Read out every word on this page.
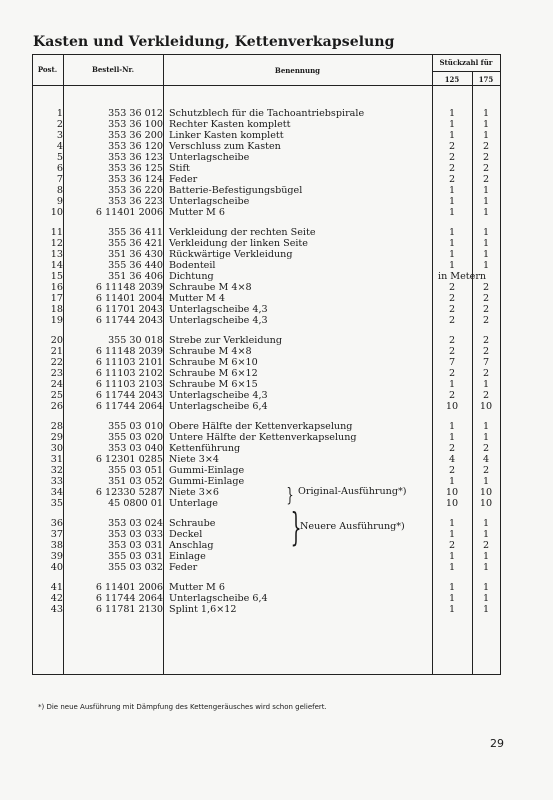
Kasten und Verkleidung, Kettenverkapselung
Post.	Bestell-Nr.	Benennung
Stückzahl für
125	175
1	353 36 012 Schutzblech für die Tachoantriebspirale	1	1
2	353 36 100 Rechter Kasten komplett	1	1
3	353 36 200 Linker Kasten komplett	1	1
4	353 36 120 Verschluss zum Kasten	2	2
5	353 36 123 Unterlagscheibe	2	2
6	353 36 125 Stift	2	2
7	353 36 124 Feder	2	2
8	353 36 220 Batterie-Befestigungsbügel	1	1
9	353 36 223 Unterlagscheibe	1	1
10	6 11401 2006 Mutter M 6	1	1
11	355 36 411 Verkleidung der rechten Seite	1	1
12	355 36 421 Verkleidung der linken Seite	1	1
13	351 36 430 Rückwärtige Verkleidung	1	1
14	355 36 440 Bodenteil	1	1
15	351 36 406 Dichtung	in Metern
16	6 11148 2039 Schraube M 4×8	2	2
17	6 11401 2004 Mutter M 4	2	2
18	6 11701 2043 Unterlagscheibe 4,3	2	2
19	6 11744 2043 Unterlagscheibe 4,3	2	2
20	355 30 018 Strebe zur Verkleidung	2	2
21	6 11148 2039 Schraube M 4×8	2	2
22	6 11103 2101 Schraube M 6×10	7	7
23	6 11103 2102 Schraube M 6×12	2	2
24	6 11103 2103 Schraube M 6×15	1	1
25	6 11744 2043 Unterlagscheibe 4,3	2	2
26	6 11744 2064 Unterlagscheibe 6,4	10	10
28	355 03 010 Obere Hälfte der Kettenverkapselung	1	1
29	355 03 020 Untere Hälfte der Kettenverkapselung	1	1
30	353 03 040 Kettenführung	2	2
31	6 12301 0285 Niete 3×4	4	4
32	355 03 051 Gummi-Einlage	2	2
33	351 03 052 Gummi-Einlage	1	1
34	6 12330 5287 Niete 3×6	10	10
35	45 0800 01 Unterlage	10	10
36	353 03 024 Schraube	1	1
37	353 03 033 Deckel	1	1
38	353 03 031 Anschlag	2	2
39	355 03 031 Einlage	1	1
40	355 03 032 Feder	1	1
41	6 11401 2006 Mutter M 6	1	1
42	6 11744 2064 Unterlagscheibe 6,4	1	1
43	6 11781 2130 Splint 1,6×12	1	1
} Original-Ausführung*)
}
Neuere Ausführung*)
*) Die neue Ausführung mit Dämpfung des Kettengeräusches wird schon geliefert.
29
